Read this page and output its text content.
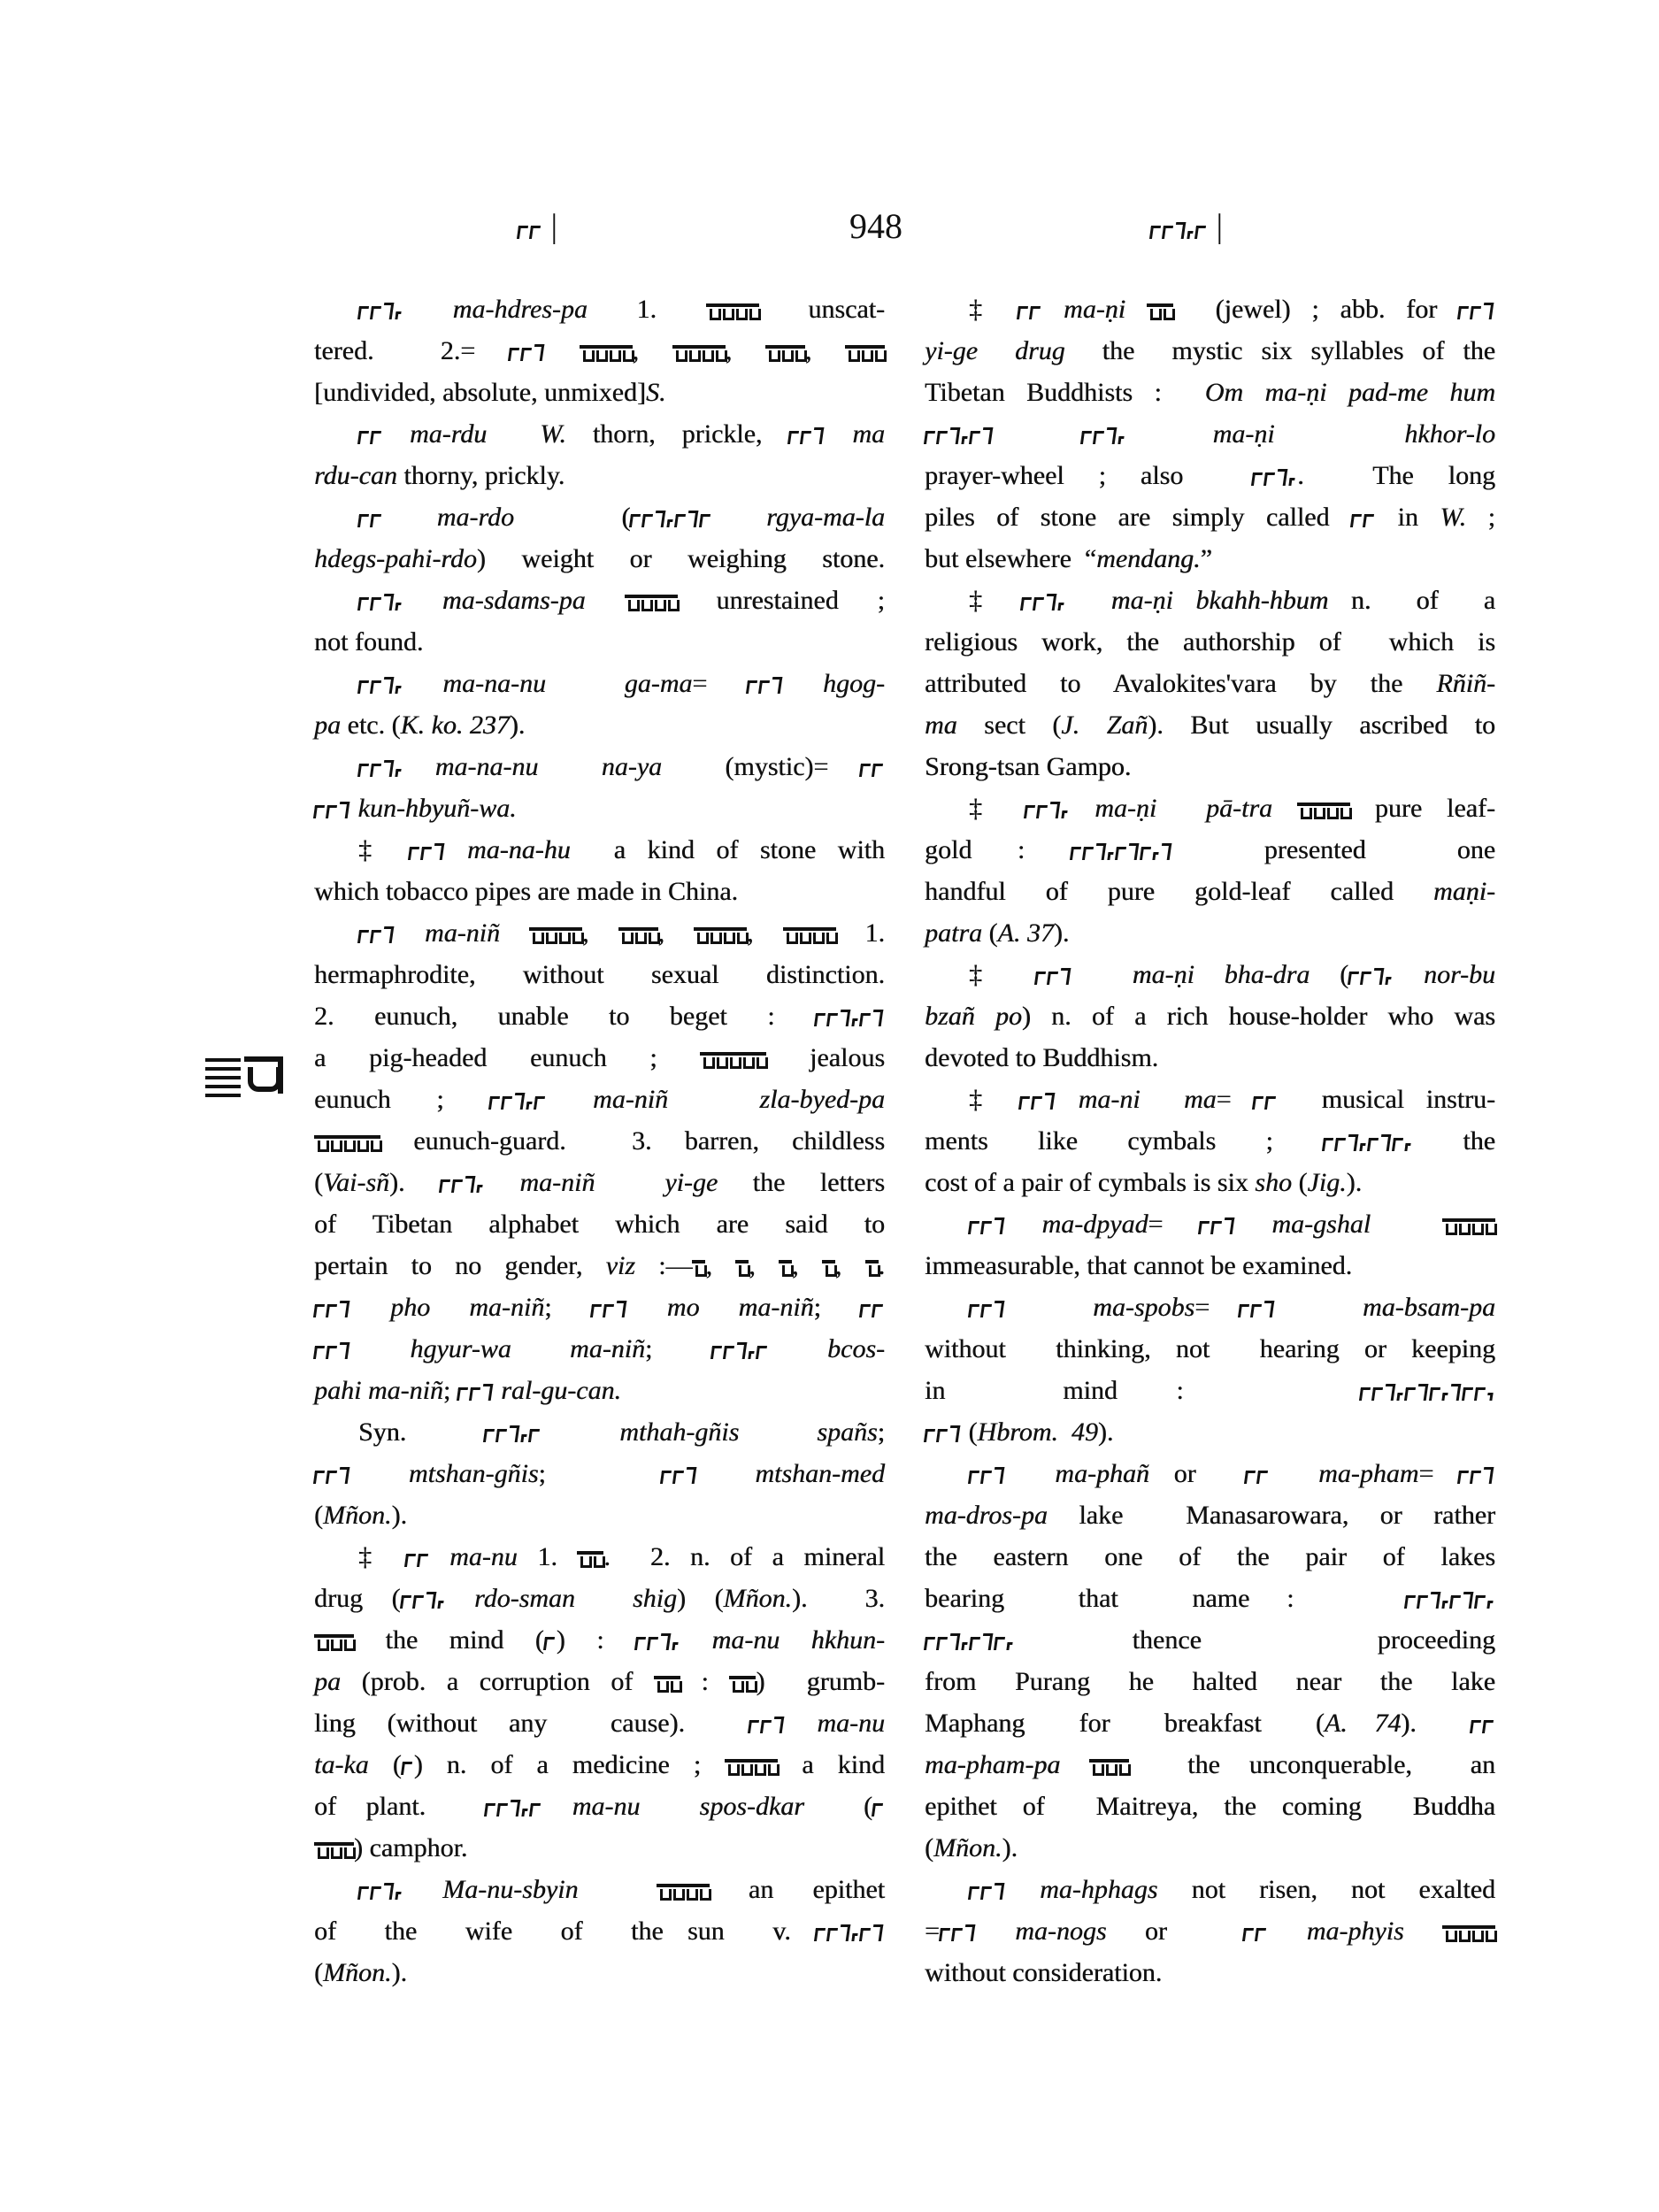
|	948	|
ma-hdres-pa 1.  unscat-
tered.  2.=	, , ,
[undivided, absolute, unmixed]S.
ma-rdu  W. thorn, prickle,  ma
rdu-can thorny, prickly.
ma-rdo  (	rgya-ma-la
hdegs-pahi-rdo) weight or weighing stone.
ma-sdams-pa  unrestained ;
not found.
ma-na-nu  ga-ma=  hgog-
pa etc. (K. ko. 237).
ma-na-nu  na-ya  (mystic)=
kun-hbyuñ-wa.
‡  ma-na-hu  a kind of stone with
which tobacco pipes are made in China.
ma-niñ , , ,  1.
hermaphrodite, without sexual distinction.
2. eunuch, unable to beget :
a pig-headed eunuch ;	jealous
eunuch ;  ma-niñ  zla-byed-pa
eunuch-guard.  3. barren, childless
(Vai-sñ).  ma-niñ  yi-ge the letters
of Tibetan alphabet which are said to
pertain to no gender, viz :— , , , , .
pho ma-niñ;  mo ma-niñ;
hgyur-wa ma-niñ;  bcos-
pahi ma-niñ;  ral-gu-can.
Syn.    mthah-gñis  spañs;
mtshan-gñis;   mtshan-med
(Mñon.).
‡  ma-nu 1. .  2. n. of a mineral
drug ( rdo-sman  shig) (Mñon.).  3.
the mind ( ) :  ma-nu hkhun-
pa (prob. a corruption of  : )  grumb-
ling (without any  cause).   ma-nu
ta-ka ( ) n. of a medicine ;  a kind
of plant.   ma-nu  spos-dkar  (
) camphor.
Ma-nu-sbyin   an epithet
of  the  wife  of  the sun  v.
(Mñon.).
‡  ma-ṇi   (jewel) ; abb. for
yi-ge  drug  the  mystic six syllables of the
Tibetan Buddhists :  Om ma-ṇi pad-me hum
ma-ṇi   hkhor-lo
prayer-wheel ; also  .  The long
piles of stone are simply called  in W. ;
but elsewhere  “mendang.”
‡   ma-ṇi bkahh-hbum n.  of  a
religious work, the authorship of  which is
attributed to Avalokites'vara by the Rñiñ-
ma sect (J. Zañ). But usually ascribed to
Srong-tsan Gampo.
‡  ma-ṇi  pā-tra  pure leaf-
gold :	presented  one
handful  of  pure  gold-leaf  called  maṇi-
patra (A. 37).
‡   ma-ṇi bha-dra ( nor-bu
bzañ po) n. of a rich house-holder who was
devoted to Buddhism.
‡  ma-ni  ma=   musical instru-
ments like cymbals ;	the
cost of a pair of cymbals is six sho (Jig.).
ma-dpyad=  ma-gshal
immeasurable, that cannot be examined.
ma-spobs=    ma-bsam-pa
without  thinking, not  hearing or keeping
in  mind :
(Hbrom.  49).
ma-phañ or    ma-pham=
ma-dros-pa lake  Manasarowara, or rather
the  eastern  one  of  the  pair  of  lakes
bearing  that  name :
thence   proceeding
from  Purang  he  halted  near  the  lake
Maphang  for  breakfast  (A. 74).
ma-pham-pa   the unconquerable,  an
epithet of  Maitreya, the coming  Buddha
(Mñon.).
ma-hphags not risen, not exalted
= ma-nogs or   ma-phyis
without consideration.
